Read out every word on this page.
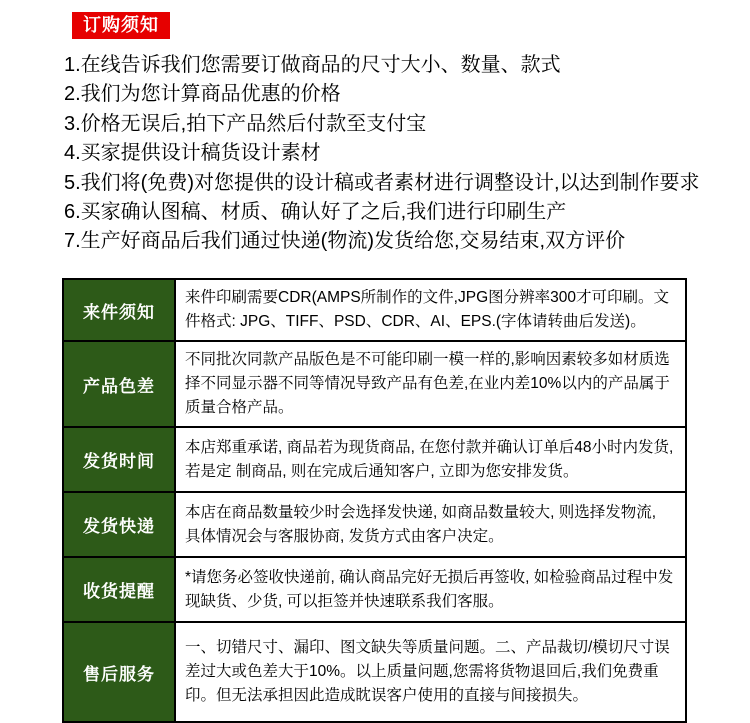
订购须知
1.在线告诉我们您需要订做商品的尺寸大小、数量、款式
2.我们为您计算商品优惠的价格
3.价格无误后,拍下产品然后付款至支付宝
4.买家提供设计稿货设计素材
5.我们将(免费)对您提供的设计稿或者素材进行调整设计,以达到制作要求
6.买家确认图稿、材质、确认好了之后,我们进行印刷生产
7.生产好商品后我们通过快递(物流)发货给您,交易结束,双方评价
来件须知	来件印刷需要CDR(AMPS所制作的文件,JPG图分辨率300才可印刷。文件格式: JPG、TIFF、PSD、CDR、AI、EPS.(字体请转曲后发送)。
产品色差	不同批次同款产品版色是不可能印刷一模一样的,影响因素较多如材质选择不同显示器不同等情况导致产品有色差,在业内差10%以内的产品属于质量合格产品。
发货时间	本店郑重承诺, 商品若为现货商品, 在您付款并确认订单后48小时内发货, 若是定 制商品, 则在完成后通知客户, 立即为您安排发货。
发货快递	本店在商品数量较少时会选择发快递, 如商品数量较大, 则选择发物流, 具体情况会与客服协商, 发货方式由客户决定。
收货提醒	*请您务必签收快递前, 确认商品完好无损后再签收, 如检验商品过程中发现缺货、少货, 可以拒签并快速联系我们客服。
售后服务	一、切错尺寸、漏印、图文缺失等质量问题。二、产品裁切/模切尺寸误差过大或色差大于10%。以上质量问题,您需将货物退回后,我们免费重印。但无法承担因此造成眈误客户使用的直接与间接损失。
